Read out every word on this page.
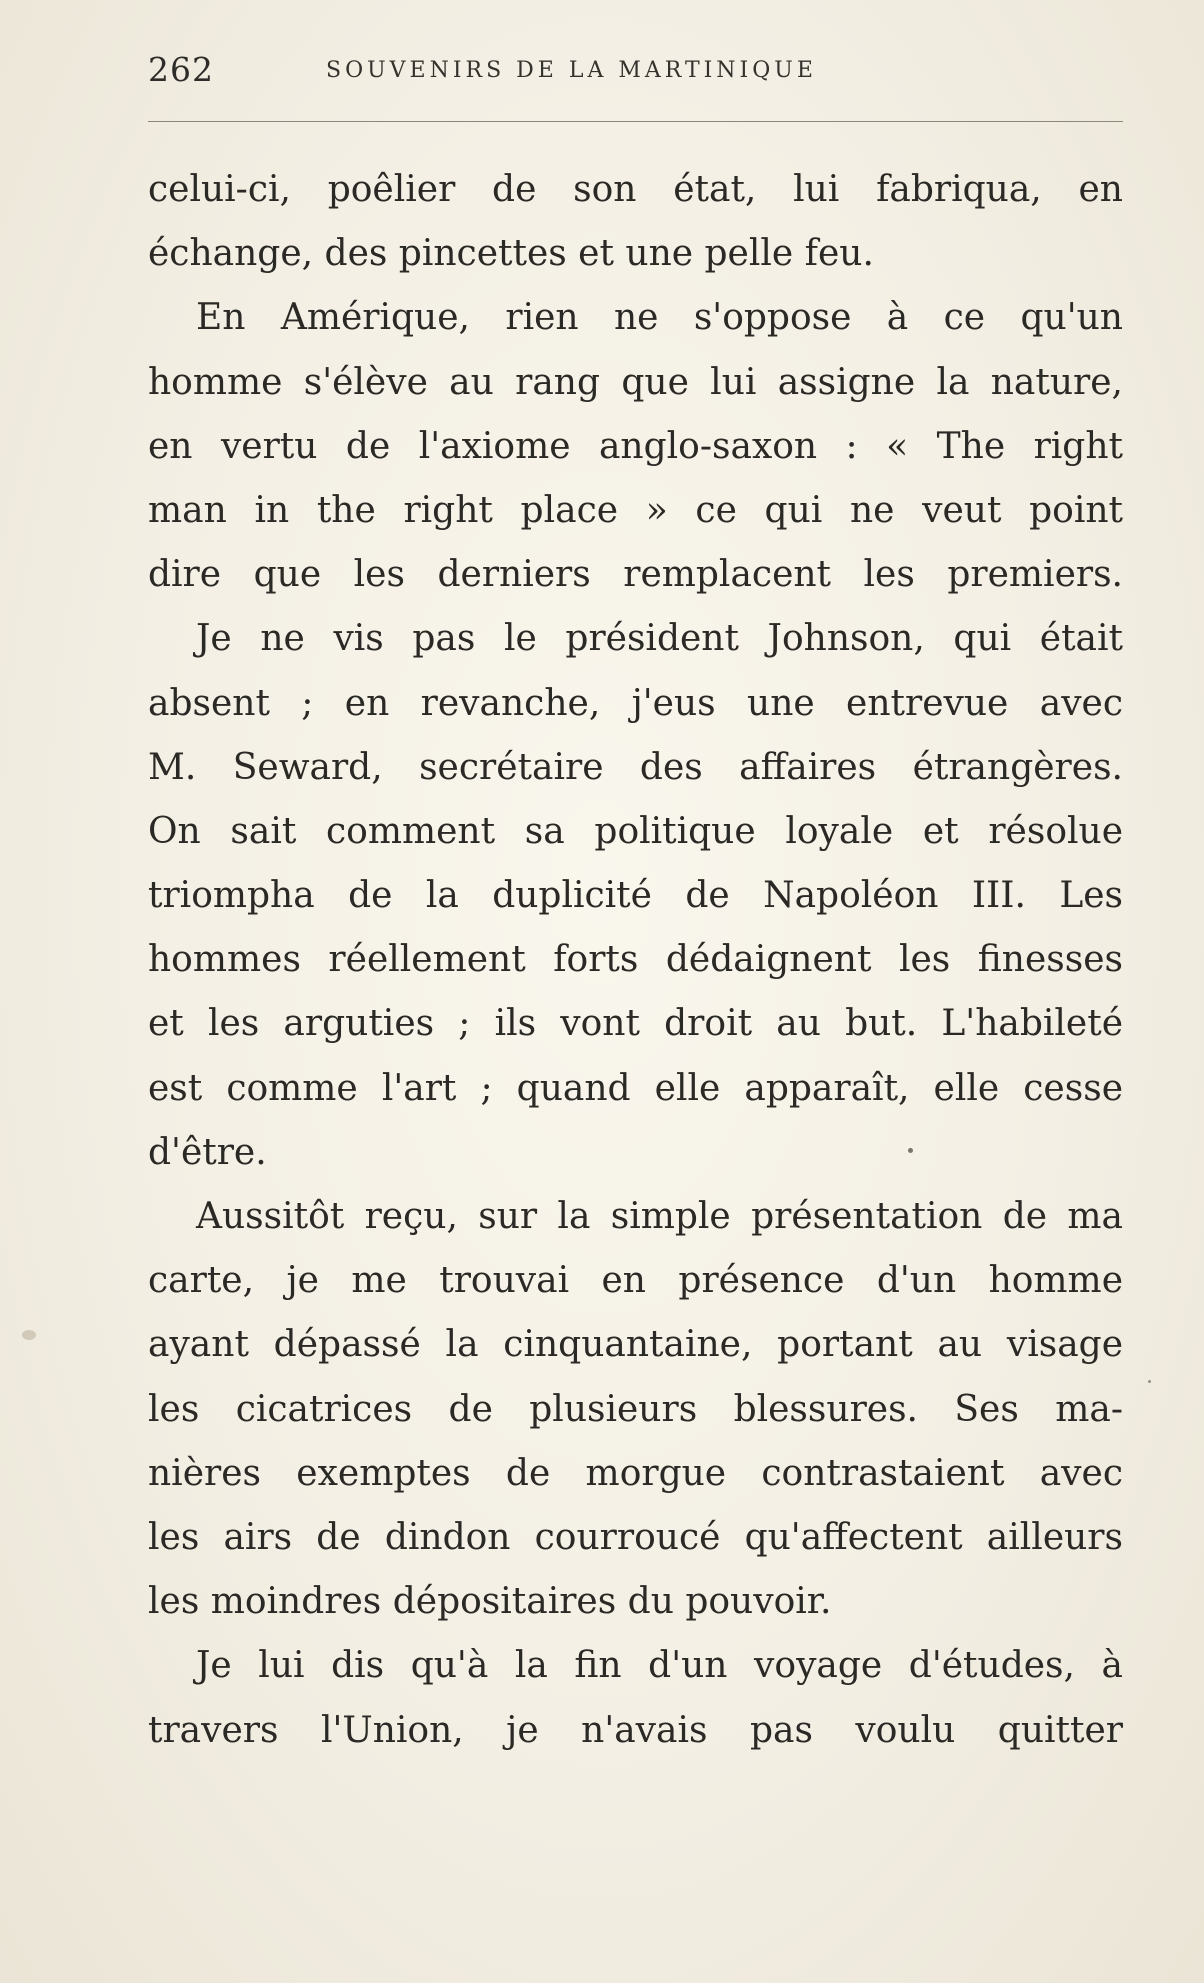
262	SOUVENIRS DE LA MARTINIQUE
celui-ci, poêlier de son état, lui fabriqua, en
échange, des pincettes et une pelle feu.
En Amérique, rien ne s'oppose à ce qu'un
homme s'élève au rang que lui assigne la nature,
en vertu de l'axiome anglo-saxon : « The right
man in the right place » ce qui ne veut point
dire que les derniers remplacent les premiers.
Je ne vis pas le président Johnson, qui était
absent ; en revanche, j'eus une entrevue avec
M. Seward, secrétaire des affaires étrangères.
On sait comment sa politique loyale et résolue
triompha de la duplicité de Napoléon III. Les
hommes réellement forts dédaignent les finesses
et les arguties ; ils vont droit au but. L'habileté
est comme l'art ; quand elle apparaît, elle cesse
d'être.
Aussitôt reçu, sur la simple présentation de ma
carte, je me trouvai en présence d'un homme
ayant dépassé la cinquantaine, portant au visage
les cicatrices de plusieurs blessures. Ses ma-
nières exemptes de morgue contrastaient avec
les airs de dindon courroucé qu'affectent ailleurs
les moindres dépositaires du pouvoir.
Je lui dis qu'à la fin d'un voyage d'études, à
travers l'Union, je n'avais pas voulu quitter
